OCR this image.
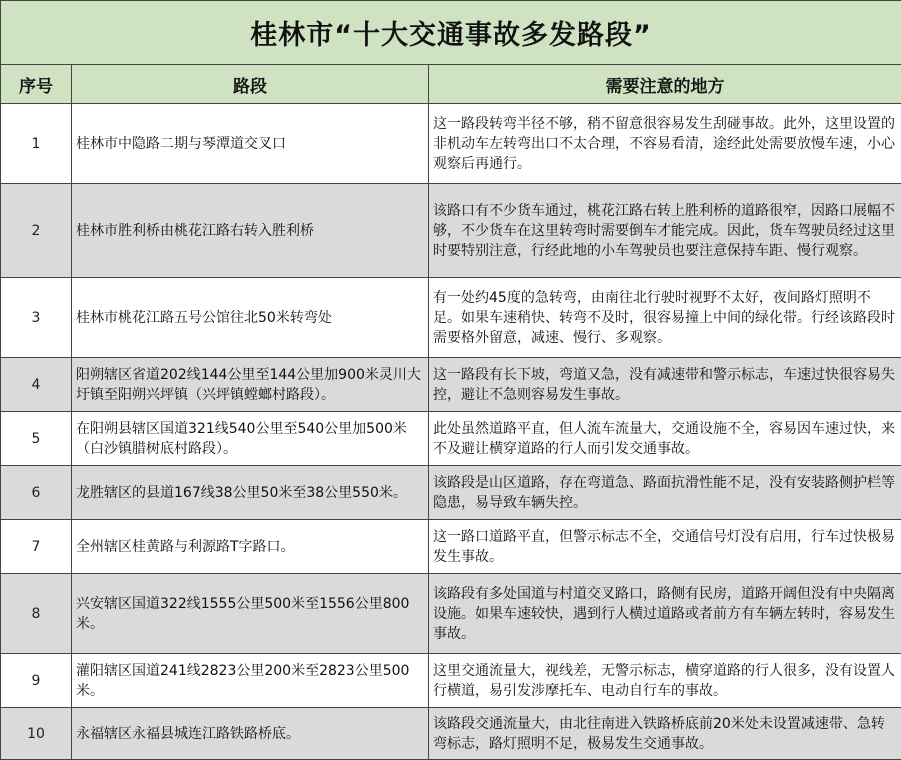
桂林市“十大交通事故多发路段”		
序号	路段	需要注意的地方
1	桂林市中隐路二期与琴潭道交叉口	这一路段转弯半径不够，稍不留意很容易发生刮碰事故。此外，这里设置的非机动车左转弯出口不太合理，不容易看清，途经此处需要放慢车速，小心观察后再通行。
2	桂林市胜利桥由桃花江路右转入胜利桥	该路口有不少货车通过，桃花江路右转上胜利桥的道路很窄，因路口展幅不够，不少货车在这里转弯时需要倒车才能完成。因此，货车驾驶员经过这里时要特别注意，行经此地的小车驾驶员也要注意保持车距、慢行观察。
3	桂林市桃花江路五号公馆往北50米转弯处	有一处约45度的急转弯，由南往北行驶时视野不太好，夜间路灯照明不足。如果车速稍快、转弯不及时，很容易撞上中间的绿化带。行经该路段时需要格外留意，减速、慢行、多观察。
4	阳朔辖区省道202线144公里至144公里加900米灵川大圩镇至阳朔兴坪镇（兴坪镇螳螂村路段）。	这一路段有长下坡，弯道又急，没有减速带和警示标志，车速过快很容易失控，避让不急则容易发生事故。
5	在阳朔县辖区国道321线540公里至540公里加500米（白沙镇腊树底村路段）。	此处虽然道路平直，但人流车流量大，交通设施不全，容易因车速过快，来不及避让横穿道路的行人而引发交通事故。
6	龙胜辖区的县道167线38公里50米至38公里550米。	该路段是山区道路，存在弯道急、路面抗滑性能不足，没有安装路侧护栏等隐患，易导致车辆失控。
7	全州辖区桂黄路与利源路T字路口。	这一路口道路平直，但警示标志不全，交通信号灯没有启用，行车过快极易发生事故。
8	兴安辖区国道322线1555公里500米至1556公里800米。	该路段有多处国道与村道交叉路口，路侧有民房，道路开阔但没有中央隔离设施。如果车速较快，遇到行人横过道路或者前方有车辆左转时，容易发生事故。
9	灌阳辖区国道241线2823公里200米至2823公里500米。	这里交通流量大，视线差，无警示标志，横穿道路的行人很多，没有设置人行横道，易引发涉摩托车、电动自行车的事故。
10	永福辖区永福县城连江路铁路桥底。	该路段交通流量大，由北往南进入铁路桥底前20米处未设置减速带、急转弯标志，路灯照明不足，极易发生交通事故。
客户端
南国早报客户端
